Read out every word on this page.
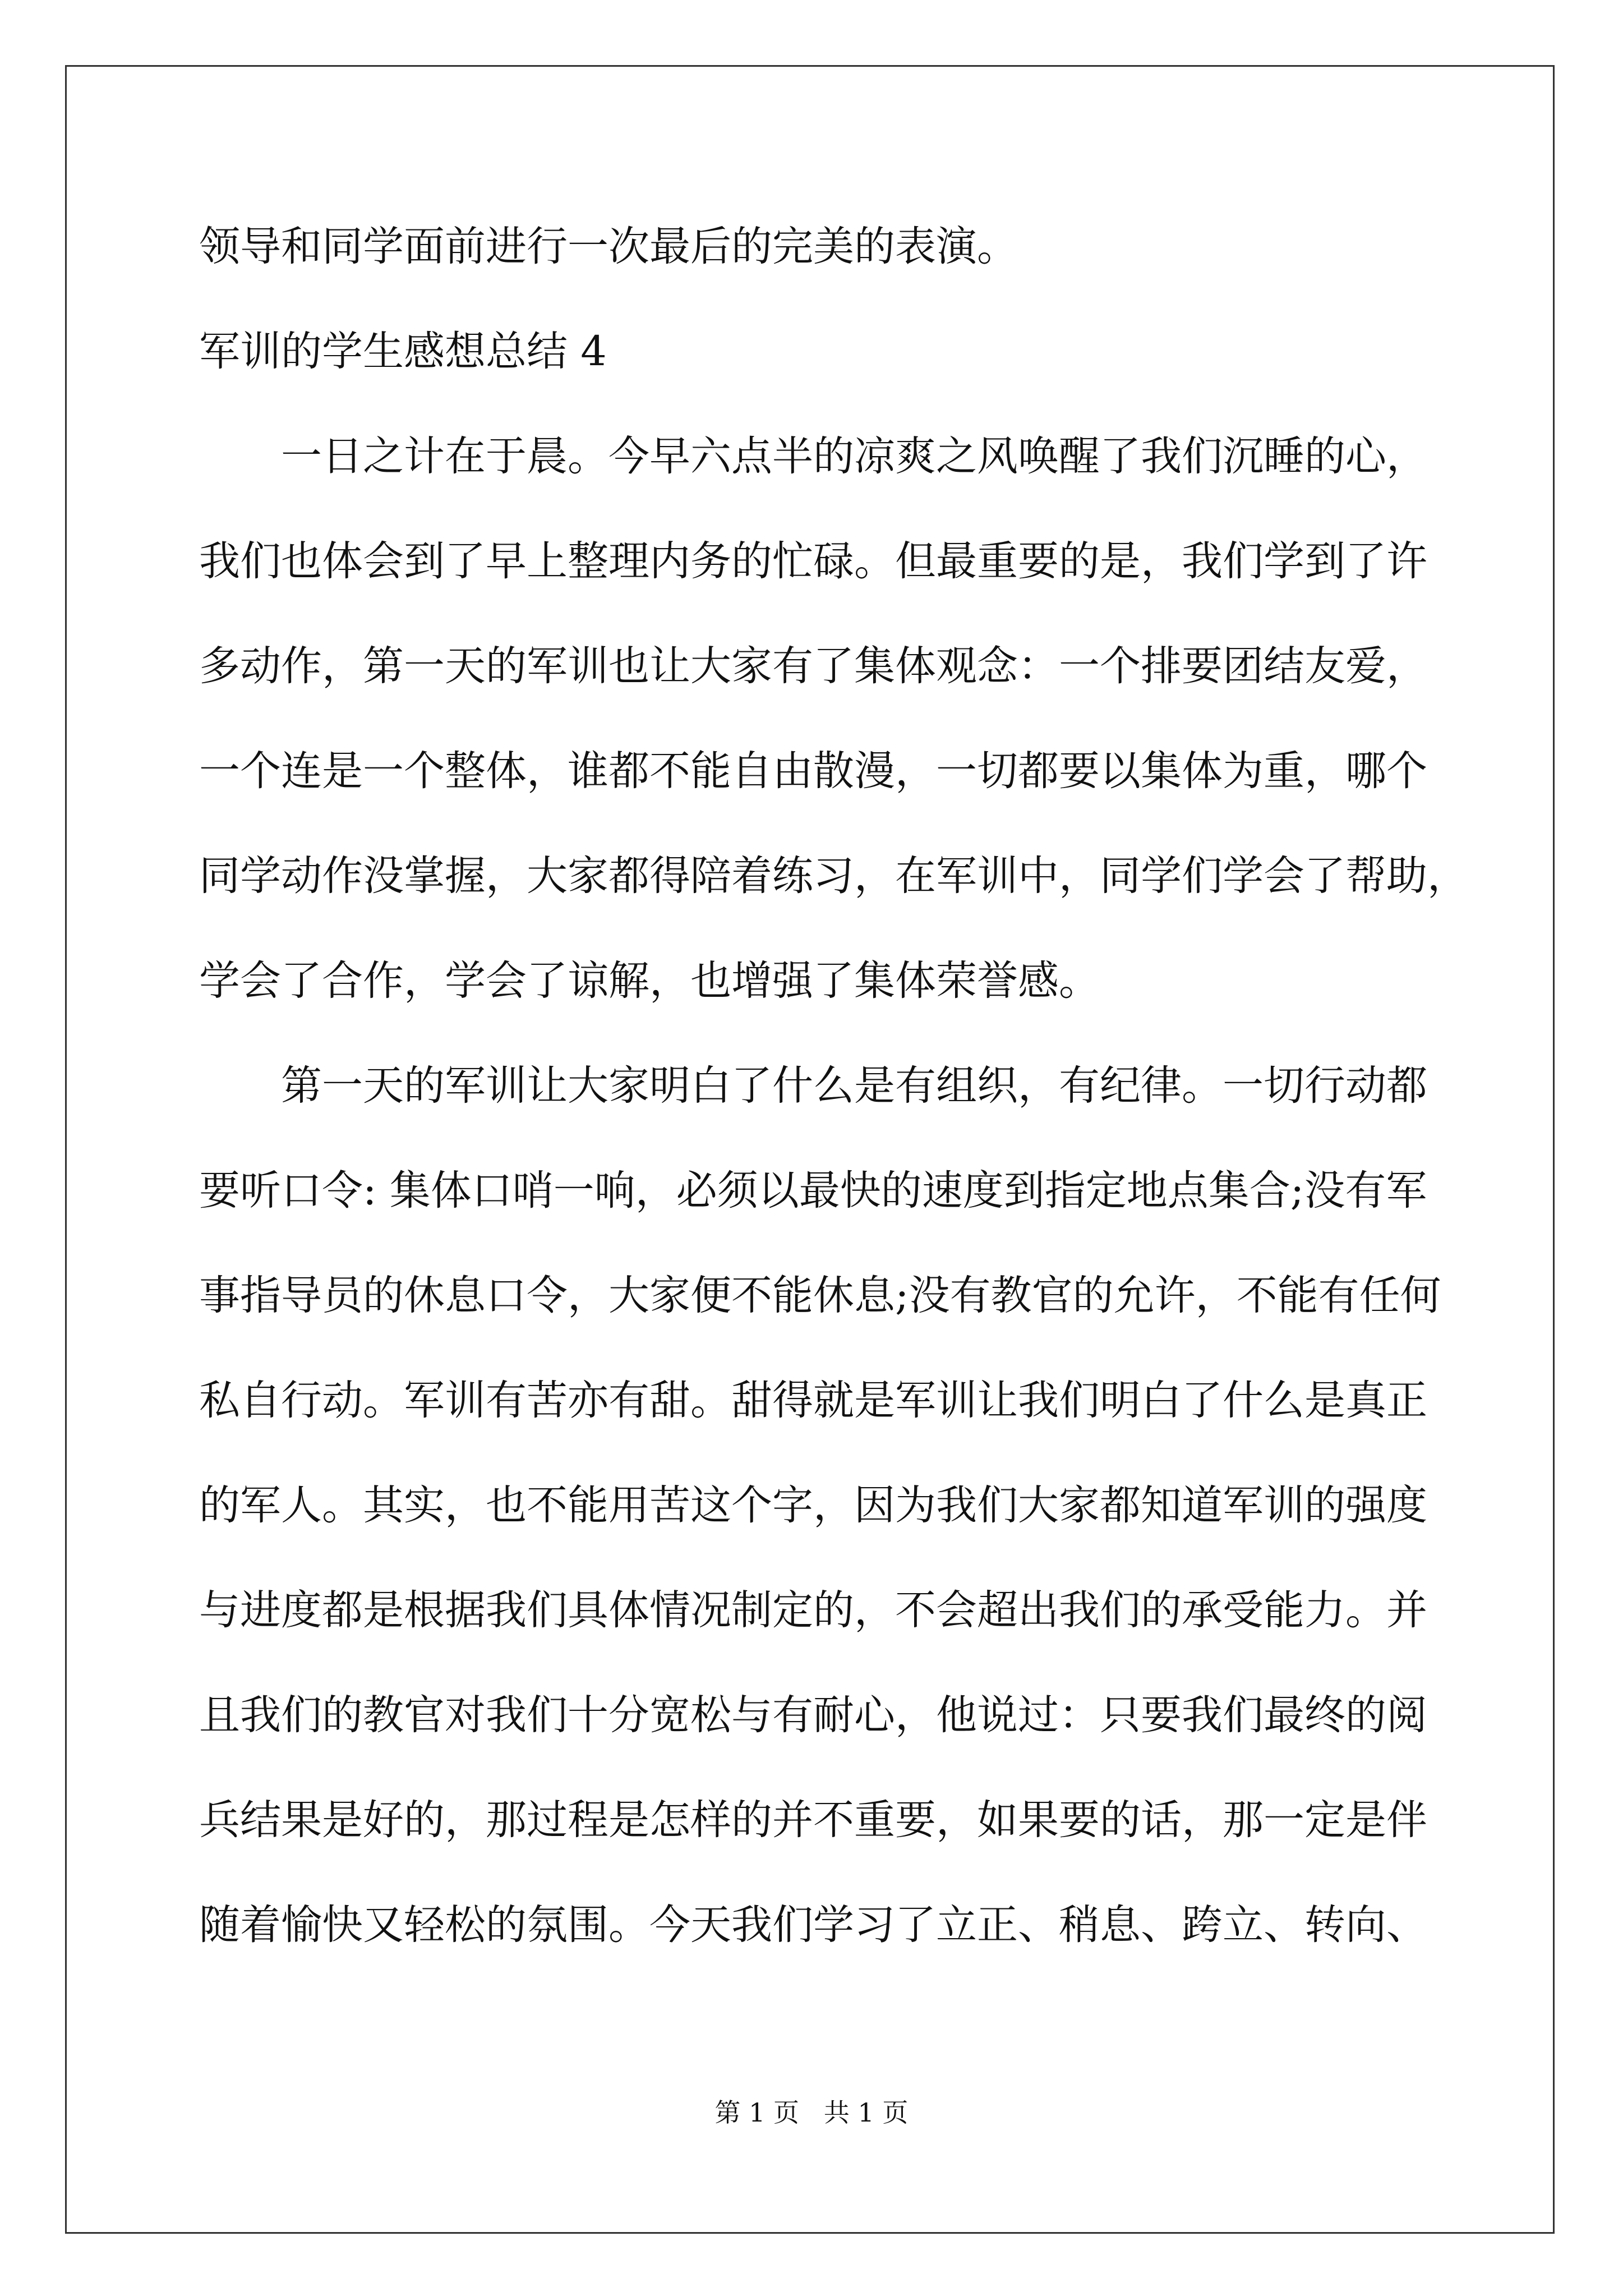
领导和同学面前进行一次最后的完美的表演。
军训的学生感想总结 4
一日之计在于晨。今早六点半的凉爽之风唤醒了我们沉睡的心，
我们也体会到了早上整理内务的忙碌。但最重要的是，我们学到了许
多动作，第一天的军训也让大家有了集体观念：一个排要团结友爱，
一个连是一个整体，谁都不能自由散漫，一切都要以集体为重，哪个
同学动作没掌握，大家都得陪着练习，在军训中，同学们学会了帮助，
学会了合作，学会了谅解，也增强了集体荣誉感。
第一天的军训让大家明白了什么是有组织，有纪律。一切行动都
要听口令: 集体口哨一响，必须以最快的速度到指定地点集合;没有军
事指导员的休息口令，大家便不能休息;没有教官的允许，不能有任何
私自行动。军训有苦亦有甜。甜得就是军训让我们明白了什么是真正
的军人。其实，也不能用苦这个字，因为我们大家都知道军训的强度
与进度都是根据我们具体情况制定的，不会超出我们的承受能力。并
且我们的教官对我们十分宽松与有耐心，他说过：只要我们最终的阅
兵结果是好的，那过程是怎样的并不重要，如果要的话，那一定是伴
随着愉快又轻松的氛围。今天我们学习了立正、稍息、跨立、转向、
第 1 页   共 1 页
